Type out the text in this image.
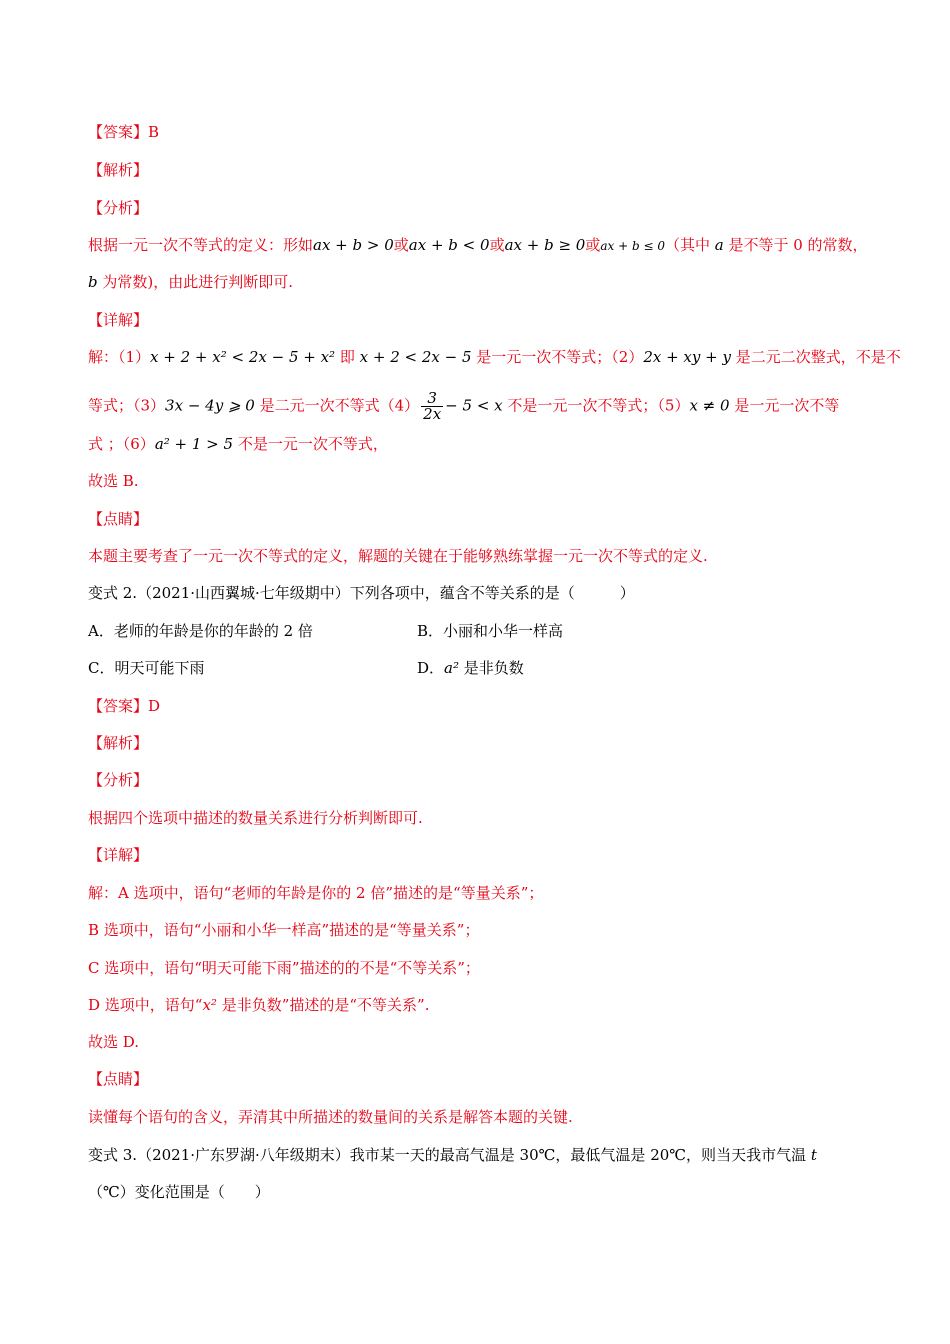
【答案】B
【解析】
【分析】
根据一元一次不等式的定义：形如ax + b > 0或ax + b < 0或ax + b ≥ 0或ax + b ≤ 0（其中 a 是不等于 0 的常数，
b 为常数)，由此进行判断即可.
【详解】
解：（1）x + 2 + x² < 2x − 5 + x² 即 x + 2 < 2x − 5 是一元一次不等式；（2）2x + xy + y 是二元二次整式，不是不
等式；（3）3x − 4y ⩾ 0 是二元一次不等式$(4) \frac{3}{2x} - 5 < x$ 不是一元一次不等式；（5）x ≠ 0 是一元一次不等
式 ；（6）a² + 1 > 5 不是一元一次不等式，
故选 B.
【点睛】
本题主要考查了一元一次不等式的定义，解题的关键在于能够熟练掌握一元一次不等式的定义.
变式 2.（2021·山西翼城·七年级期中）下列各项中，蕴含不等关系的是（　　　）
A．老师的年龄是你的年龄的 2 倍	B．小丽和小华一样高
C．明天可能下雨	D．a² 是非负数
【答案】D
【解析】
【分析】
根据四个选项中描述的数量关系进行分析判断即可.
【详解】
解：A 选项中，语句“老师的年龄是你的 2 倍”描述的是“等量关系”；
B 选项中，语句“小丽和小华一样高”描述的是“等量关系”；
C 选项中，语句“明天可能下雨”描述的的不是“不等关系”；
D 选项中，语句“x² 是非负数”描述的是“不等关系”.
故选 D.
【点睛】
读懂每个语句的含义，弄清其中所描述的数量间的关系是解答本题的关键.
变式 3.（2021·广东罗湖·八年级期末）我市某一天的最高气温是 30℃，最低气温是 20℃，则当天我市气温 t
（℃）变化范围是（　　）
